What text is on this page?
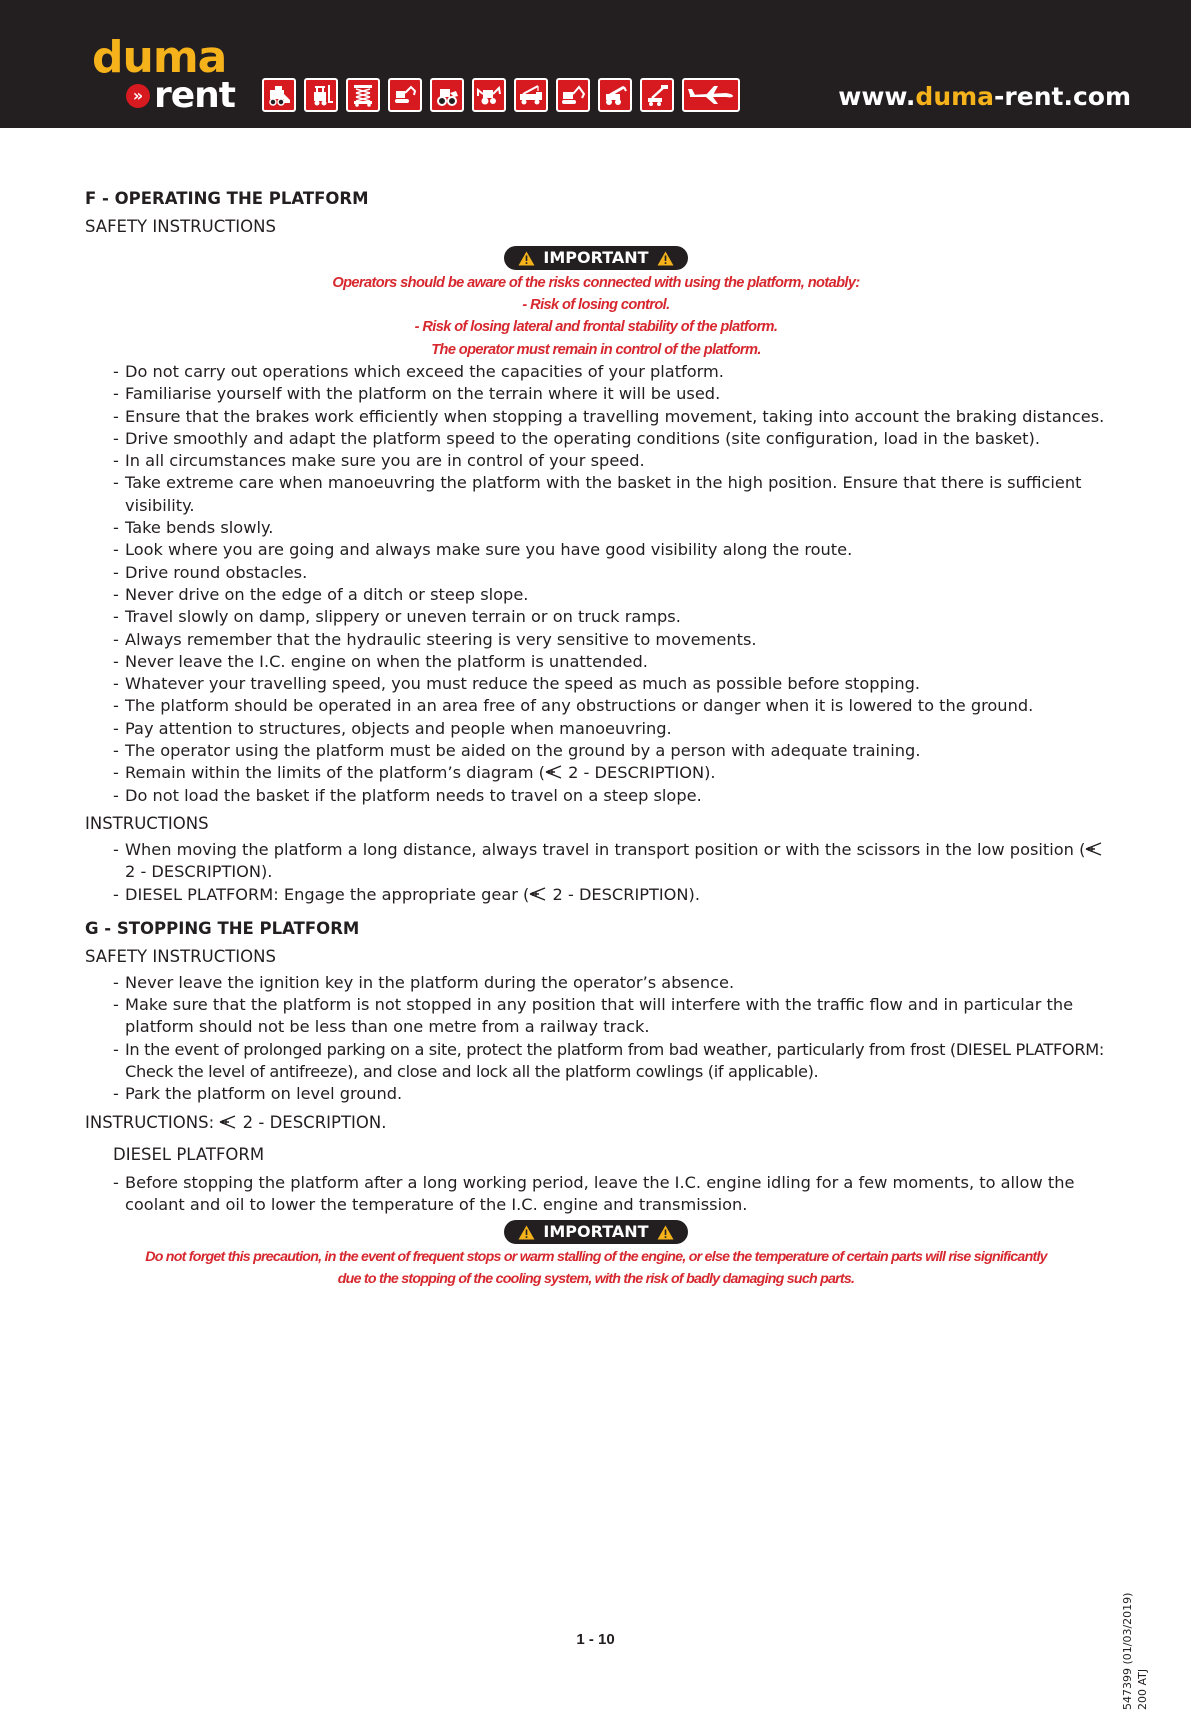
duma
» rent	www.duma-rent.com
F - OPERATING THE PLATFORM
SAFETY INSTRUCTIONS
IMPORTANT
Operators should be aware of the risks connected with using the platform, notably:
- Risk of losing control.
- Risk of losing lateral and frontal stability of the platform.
The operator must remain in control of the platform.
- Do not carry out operations which exceed the capacities of your platform.
- Familiarise yourself with the platform on the terrain where it will be used.
- Ensure that the brakes work efficiently when stopping a travelling movement, taking into account the braking distances.
- Drive smoothly and adapt the platform speed to the operating conditions (site configuration, load in the basket).
- In all circumstances make sure you are in control of your speed.
- Take extreme care when manoeuvring the platform with the basket in the high position. Ensure that there is sufficient visibility.
- Take bends slowly.
- Look where you are going and always make sure you have good visibility along the route.
- Drive round obstacles.
- Never drive on the edge of a ditch or steep slope.
- Travel slowly on damp, slippery or uneven terrain or on truck ramps.
- Always remember that the hydraulic steering is very sensitive to movements.
- Never leave the I.C. engine on when the platform is unattended.
- Whatever your travelling speed, you must reduce the speed as much as possible before stopping.
- The platform should be operated in an area free of any obstructions or danger when it is lowered to the ground.
- Pay attention to structures, objects and people when manoeuvring.
- The operator using the platform must be aided on the ground by a person with adequate training.
- Remain within the limits of the platform’s diagram ( 2 - DESCRIPTION).
- Do not load the basket if the platform needs to travel on a steep slope.
INSTRUCTIONS
- When moving the platform a long distance, always travel in transport position or with the scissors in the low position ( 2 - DESCRIPTION).
- DIESEL PLATFORM: Engage the appropriate gear ( 2 - DESCRIPTION).
G - STOPPING THE PLATFORM
SAFETY INSTRUCTIONS
- Never leave the ignition key in the platform during the operator’s absence.
- Make sure that the platform is not stopped in any position that will interfere with the traffic flow and in particular the platform should not be less than one metre from a railway track.
- In the event of prolonged parking on a site, protect the platform from bad weather, particularly from frost (DIESEL PLATFORM: Check the level of antifreeze), and close and lock all the platform cowlings (if applicable).
- Park the platform on level ground.
INSTRUCTIONS:  2 - DESCRIPTION.
DIESEL PLATFORM
- Before stopping the platform after a long working period, leave the I.C. engine idling for a few moments, to allow the coolant and oil to lower the temperature of the I.C. engine and transmission.
IMPORTANT
Do not forget this precaution, in the event of frequent stops or warm stalling of the engine, or else the temperature of certain parts will rise significantly
due to the stopping of the cooling system, with the risk of badly damaging such parts.
547399 (01/03/2019) 200 ATJ
1 - 10
